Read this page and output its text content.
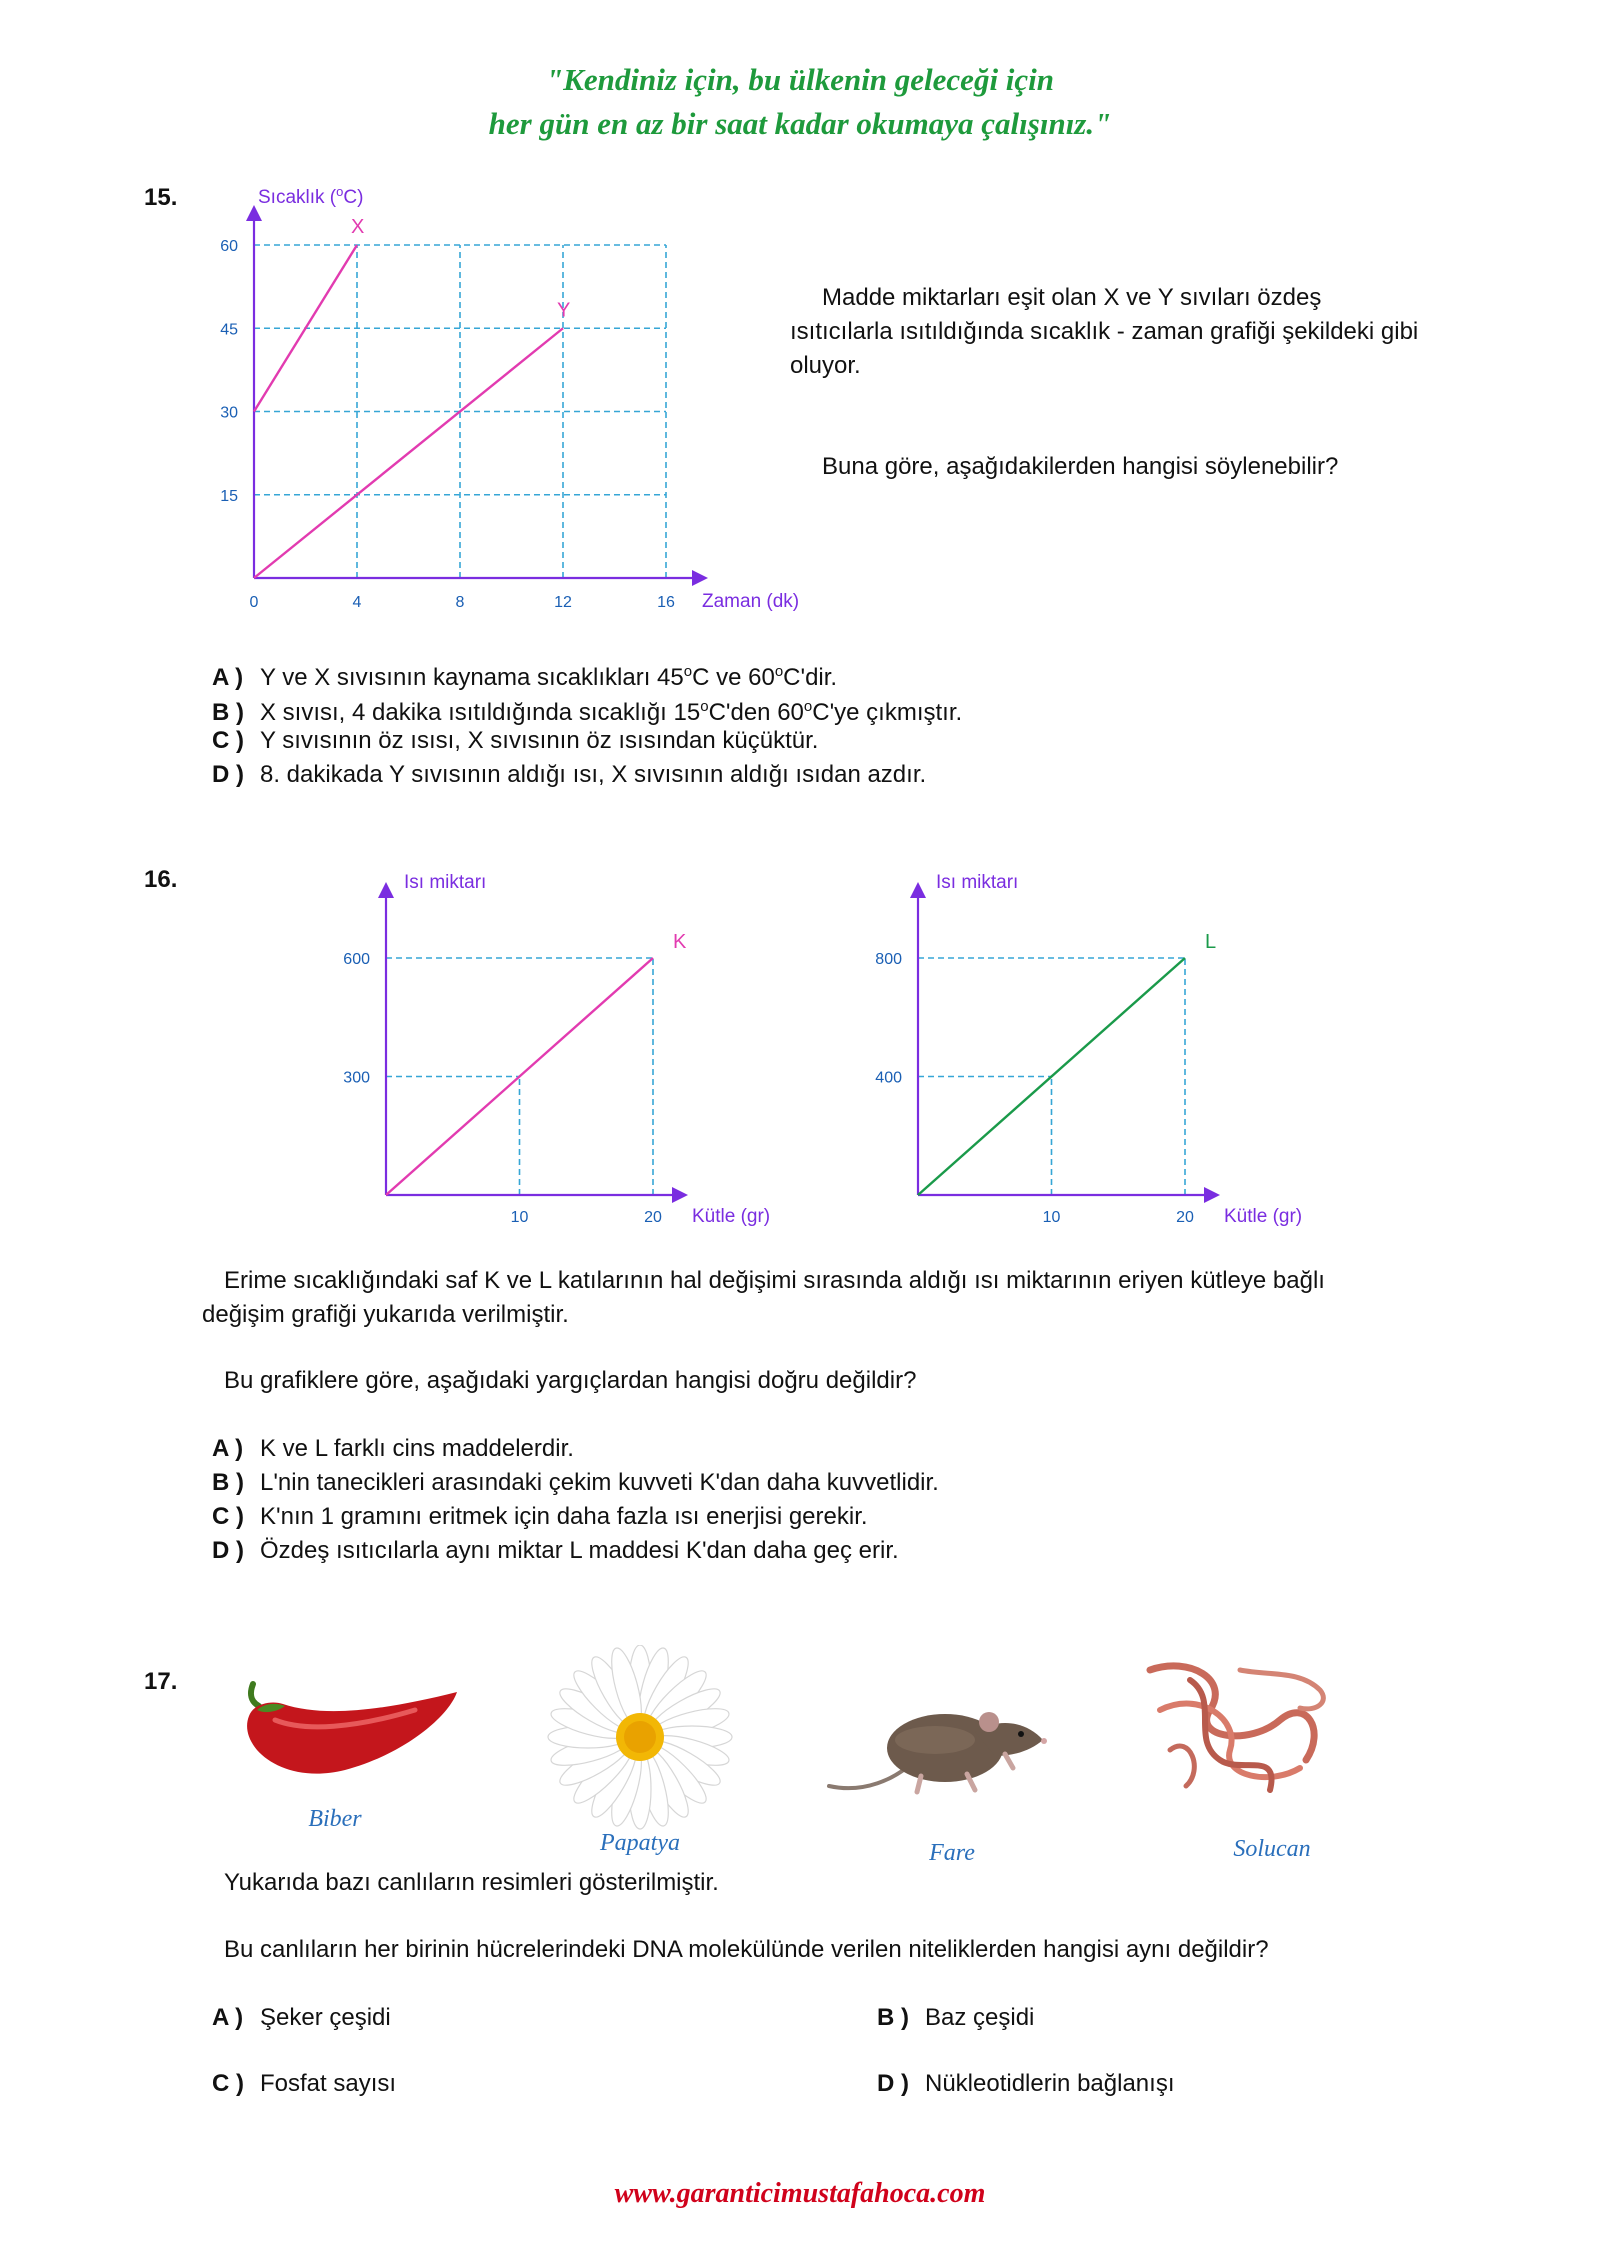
"Kendiniz için, bu ülkenin geleceği için
her gün en az bir saat kadar okumaya çalışınız."
15.	Sıcaklık ($^o$C)
Zaman (dk)
0	4	8	12	16
15
30
45
60
X
Y	Madde miktarları eşit olan X ve Y sıvıları özdeş ısıtıcılarla ısıtıldığında sıcaklık - zaman grafiği şekildeki gibi oluyor.
Buna göre, aşağıdakilerden hangisi söylenebilir?
A ) Y ve X sıvısının kaynama sıcaklıkları 45$^o$C ve 60$^o$C'dir.
B ) X sıvısı, 4 dakika ısıtıldığında sıcaklığı 15$^o$C'den 60$^o$C'ye çıkmıştır.
C ) Y sıvısının öz ısısı, X sıvısının öz ısısından küçüktür.
D ) 8. dakikada Y sıvısının aldığı ısı, X sıvısının aldığı ısıdan azdır.
16.	Isı miktarı
Kütle (gr)
10	20
300
600
K
Isı miktarı
Kütle (gr)
10	20
400
800
L
Erime sıcaklığındaki saf K ve L katılarının hal değişimi sırasında aldığı ısı miktarının eriyen kütleye bağlı değişim grafiği yukarıda verilmiştir.
Bu grafiklere göre, aşağıdaki yargıçlardan hangisi doğru değildir?
A ) K ve L farklı cins maddelerdir.
B ) L'nin tanecikleri arasındaki çekim kuvveti K'dan daha kuvvetlidir.
C ) K'nın 1 gramını eritmek için daha fazla ısı enerjisi gerekir.
D ) Özdeş ısıtıcılarla aynı miktar L maddesi K'dan daha geç erir.
17.
Biber
Papatya	Fare	Solucan
Yukarıda bazı canlıların resimleri gösterilmiştir.
Bu canlıların her birinin hücrelerindeki DNA molekülünde verilen niteliklerden hangisi aynı değildir?
A ) Şeker çeşidi	B ) Baz çeşidi
C ) Fosfat sayısı	D ) Nükleotidlerin bağlanışı
www.garanticimustafahoca.com
